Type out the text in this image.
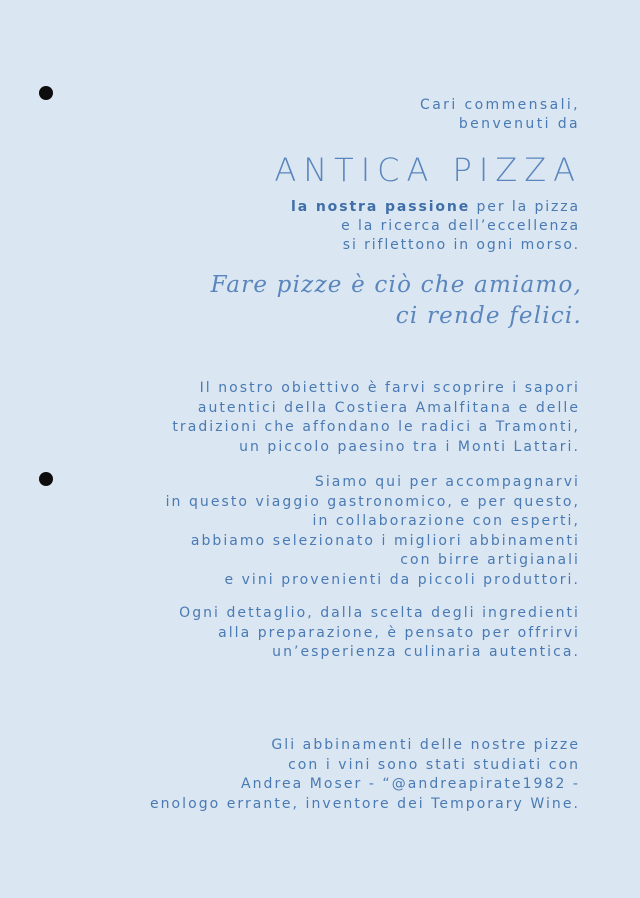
Cari commensali,
benvenuti da
ANTICA PIZZA
la nostra passione per la pizza
e la ricerca dell’eccellenza
si riflettono in ogni morso.
Fare pizze è ciò che amiamo,
ci rende felici.
Il nostro obiettivo è farvi scoprire i sapori
autentici della Costiera Amalfitana e delle
tradizioni che affondano le radici a Tramonti,
un piccolo paesino tra i Monti Lattari.
Siamo qui per accompagnarvi
in questo viaggio gastronomico, e per questo,
in collaborazione con esperti,
abbiamo selezionato i migliori abbinamenti
con birre artigianali
e vini provenienti da piccoli produttori.
Ogni dettaglio, dalla scelta degli ingredienti
alla preparazione, è pensato per offrirvi
un’esperienza culinaria autentica.
Gli abbinamenti delle nostre pizze
con i vini sono stati studiati con
Andrea Moser - “@andreapirate1982 -
enologo errante, inventore dei Temporary Wine.
